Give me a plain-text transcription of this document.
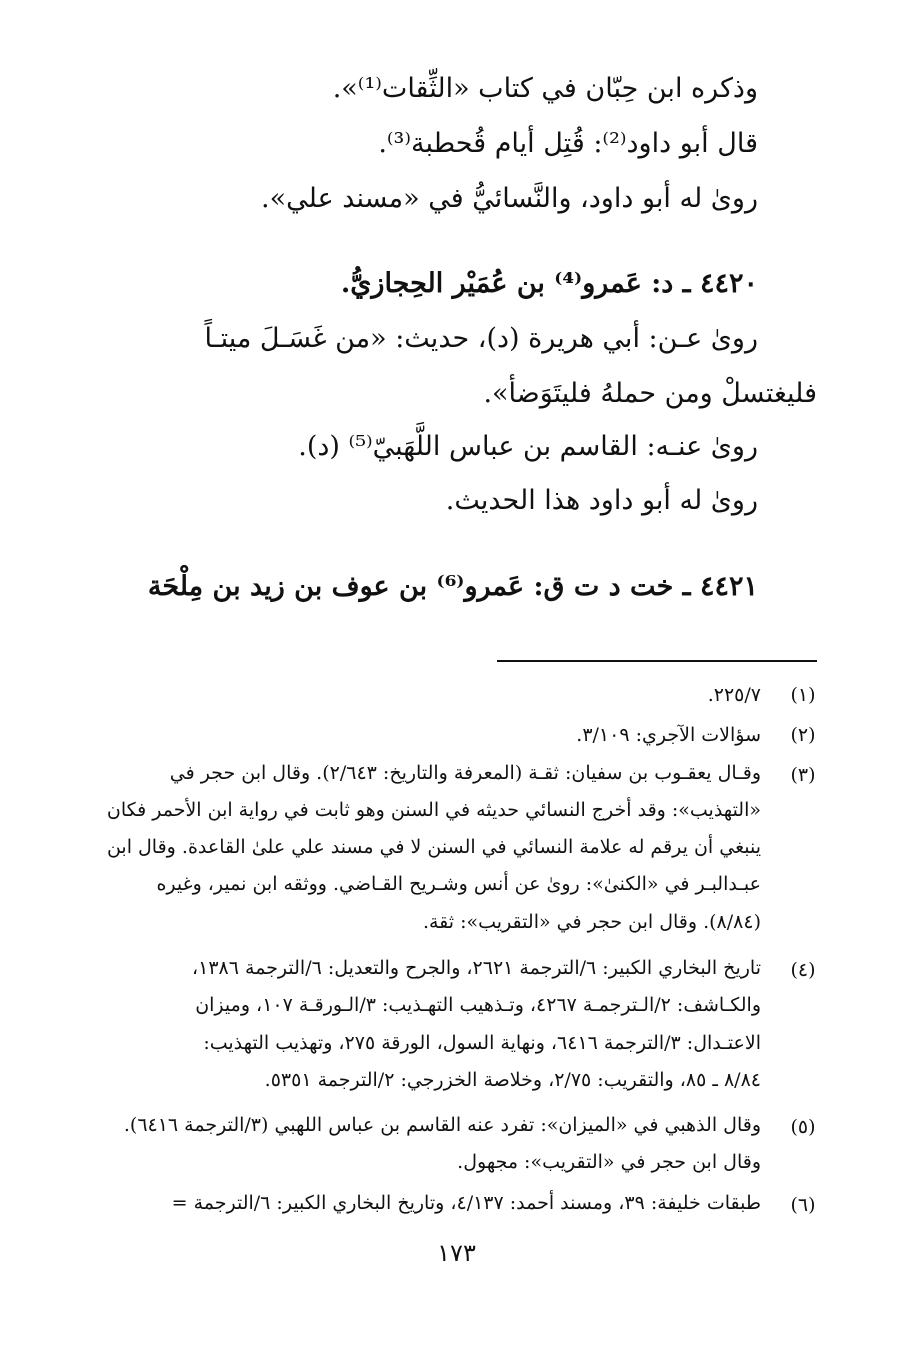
وذكره ابن حِبّان في كتاب «الثِّقات⁽¹⁾».

قال أبو داود⁽²⁾: قُتِل أيام قُحطبة⁽³⁾.

روىٰ له أبو داود، والنَّسائيُّ في «مسند علي».

٤٤٢٠ ـ د: عَمرو⁽⁴⁾ بن عُمَيْر الحِجازيُّ.

روىٰ عـن: أبي هريرة (د)، حديث: «من غَسَـلَ ميتـاً

فليغتسلْ ومن حملهُ فليتَوَضأ».

روىٰ عنـه: القاسم بن عباس اللَّهَبيّ⁽⁵⁾ (د).

روىٰ له أبو داود هذا الحديث.

٤٤٢١ ـ خت د ت ق: عَمرو⁽⁶⁾ بن عوف بن زيد بن مِلْحَة

(١)

٢٢٥/٧.

(٢)

سؤالات الآجري: ٣/١٠٩.

(٣)

وقـال يعقـوب بن سفيان: ثقـة (المعرفة والتاريخ: ٢/٦٤٣). وقال ابن حجر في

«التهذيب»: وقد أخرج النسائي حديثه في السنن وهو ثابت في رواية ابن الأحمر فكان

ينبغي أن يرقم له علامة النسائي في السنن لا في مسند علي علىٰ القاعدة. وقال ابن

عبـدالبـر في «الكنىٰ»: روىٰ عن أنس وشـريح القـاضي. ووثقه ابن نمير، وغيره

(٨/٨٤). وقال ابن حجر في «التقريب»: ثقة.

(٤)

تاريخ البخاري الكبير: ٦/الترجمة ٢٦٢١، والجرح والتعديل: ٦/الترجمة ١٣٨٦،

والكـاشف: ٢/الـترجمـة ٤٢٦٧، وتـذهيب التهـذيب: ٣/الـورقـة ١٠٧، وميزان

الاعتـدال: ٣/الترجمة ٦٤١٦، ونهاية السول، الورقة ٢٧٥، وتهذيب التهذيب:

٨/٨٤ ـ ٨٥، والتقريب: ٢/٧٥، وخلاصة الخزرجي: ٢/الترجمة ٥٣٥١.

(٥)

وقال الذهبي في «الميزان»: تفرد عنه القاسم بن عباس اللهبي (٣/الترجمة ٦٤١٦).

وقال ابن حجر في «التقريب»: مجهول.

(٦)

طبقات خليفة: ٣٩، ومسند أحمد: ٤/١٣٧، وتاريخ البخاري الكبير: ٦/الترجمة =

١٧٣
